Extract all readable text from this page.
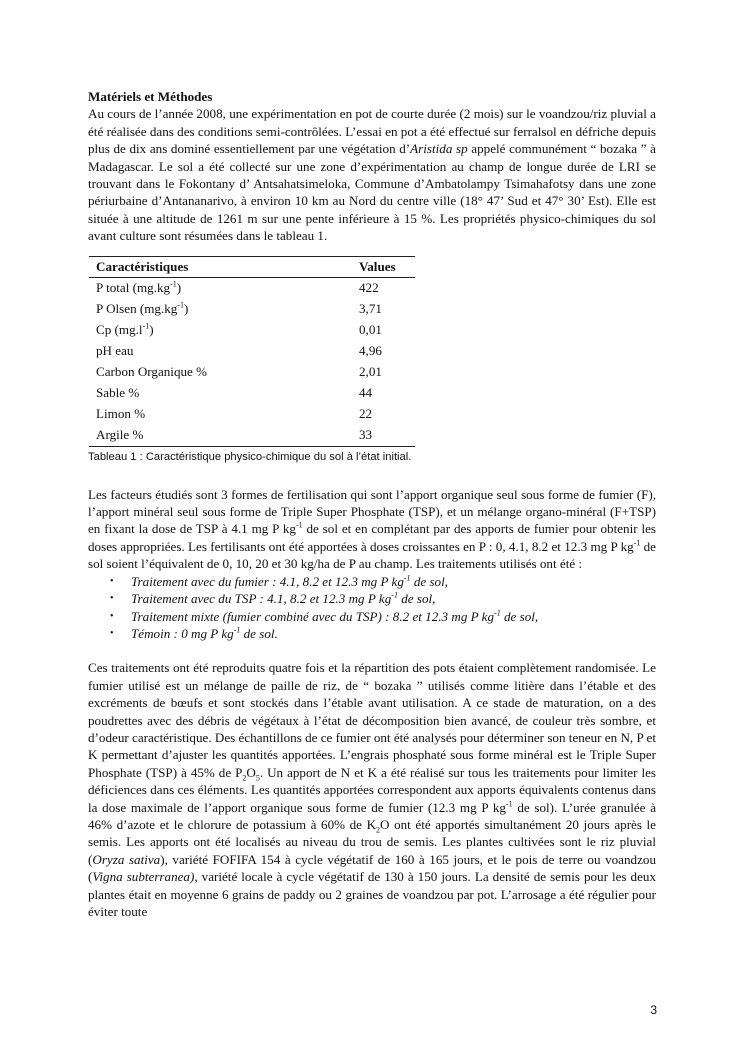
Matériels et Méthodes

Au cours de l’année 2008, une expérimentation en pot de courte durée (2 mois) sur le voandzou/riz pluvial a été réalisée dans des conditions semi-contrôlées. L’essai en pot a été effectué sur ferralsol en défriche depuis plus de dix ans dominé essentiellement par une végétation d’Aristida sp appelé communément “ bozaka ” à Madagascar. Le sol a été collecté sur une zone d’expérimentation au champ de longue durée de LRI se trouvant dans le Fokontany d’ Antsahatsimeloka, Commune d’Ambatolampy Tsimahafotsy dans une zone périurbaine d’Antananarivo, à environ 10 km au Nord du centre ville (18° 47’ Sud et 47° 30’ Est). Elle est située à une altitude de 1261 m sur une pente inférieure à 15 %. Les propriétés physico-chimiques du sol avant culture sont résumées dans le tableau 1.

Caractéristiques	Values
P total $(mg.kg^{-1})$	422
P Olsen $(mg.kg^{-1})$	3,71
Cp $(mg.l^{-1})$	0,01
pH eau	4,96
Carbon Organique %	2,01
Sable %	44
Limon %	22
Argile %	33
Tableau 1 : Caractéristique physico-chimique du sol à l’état initial.

Les facteurs étudiés sont 3 formes de fertilisation qui sont l’apport organique seul sous forme de fumier (F), l’apport minéral seul sous forme de Triple Super Phosphate (TSP), et un mélange organo-minéral (F+TSP) en fixant la dose de TSP à 4.1 mg P $kg^{-1}$ de sol et en complétant par des apports de fumier pour obtenir les doses appropriées. Les fertilisants ont été apportées à doses croissantes en P : 0, 4.1, 8.2 et 12.3 mg P $kg^{-1}$ de sol soient l’équivalent de 0, 10, 20 et 30 kg/ha de P au champ. Les traitements utilisés ont été :

• Traitement avec du fumier : 4.1, 8.2 et 12.3 mg P $kg^{-1}$ de sol,
• Traitement avec du TSP : 4.1, 8.2 et 12.3 mg P $kg^{-1}$ de sol,
• Traitement mixte (fumier combiné avec du TSP) : 8.2 et 12.3 mg P $kg^{-1}$ de sol,
• Témoin : 0 mg P $kg^{-1}$ de sol.

Ces traitements ont été reproduits quatre fois et la répartition des pots étaient complètement randomisée. Le fumier utilisé est un mélange de paille de riz, de “ bozaka ” utilisés comme litière dans l’étable et des excréments de bœufs et sont stockés dans l’étable avant utilisation. A ce stade de maturation, on a des poudrettes avec des débris de végétaux à l’état de décomposition bien avancé, de couleur très sombre, et d’odeur caractéristique. Des échantillons de ce fumier ont été analysés pour déterminer son teneur en N, P et K permettant d’ajuster les quantités apportées. L’engrais phosphaté sous forme minéral est le Triple Super Phosphate (TSP) à 45% de $P_2O_5$. Un apport de N et K a été réalisé sur tous les traitements pour limiter les déficiences dans ces éléments. Les quantités apportées correspondent aux apports équivalents contenus dans la dose maximale de l’apport organique sous forme de fumier (12.3 mg P $kg^{-1}$ de sol). L’urée granulée à 46% d’azote et le chlorure de potassium à 60% de $K_2O$ ont été apportés simultanément 20 jours après le semis. Les apports ont été localisés au niveau du trou de semis. Les plantes cultivées sont le riz pluvial (Oryza sativa), variété FOFIFA 154 à cycle végétatif de 160 à 165 jours, et le pois de terre ou voandzou (Vigna subterranea), variété locale à cycle végétatif de 130 à 150 jours. La densité de semis pour les deux plantes était en moyenne 6 grains de paddy ou 2 graines de voandzou par pot. L’arrosage a été régulier pour éviter toute

3
